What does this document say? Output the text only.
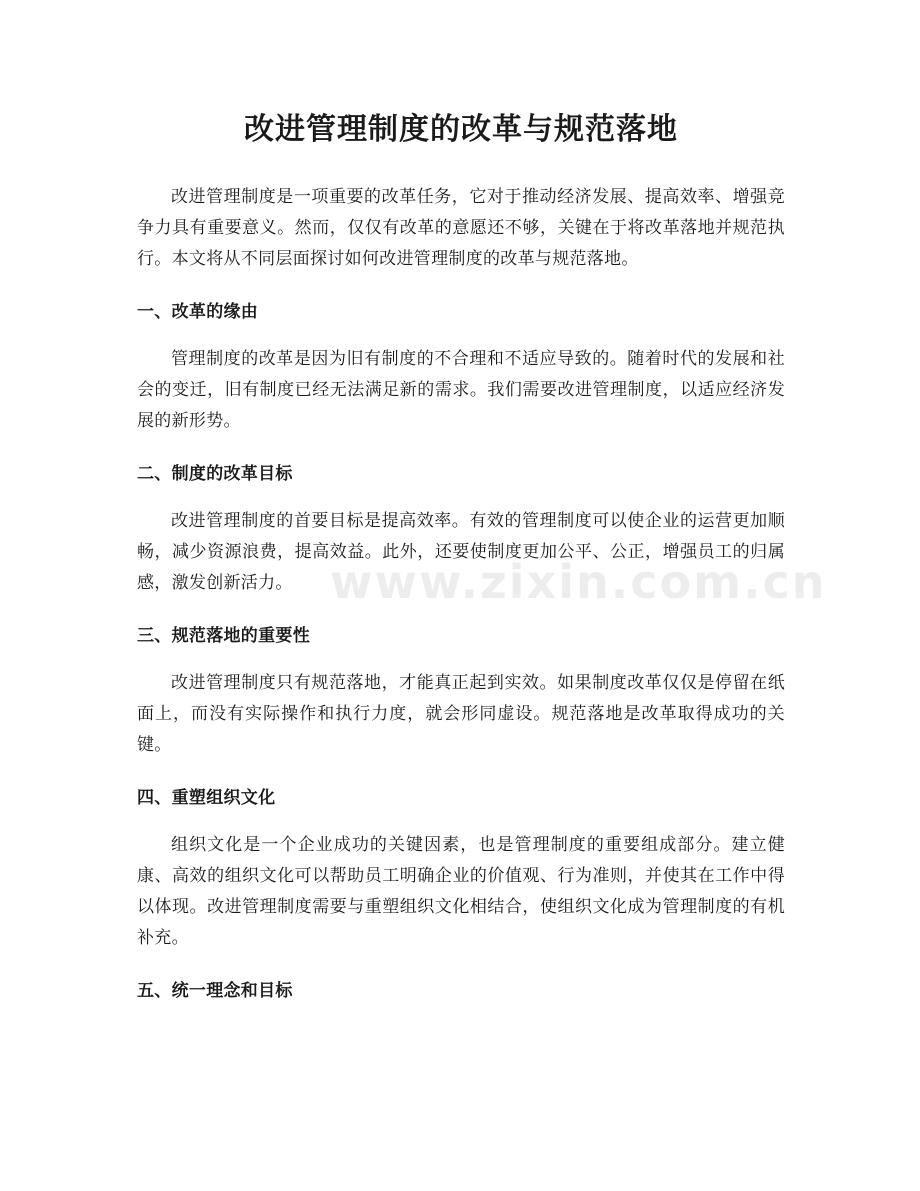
改进管理制度的改革与规范落地

改进管理制度是一项重要的改革任务，它对于推动经济发展、提高效率、增强竞争力具有重要意义。然而，仅仅有改革的意愿还不够，关键在于将改革落地并规范执行。本文将从不同层面探讨如何改进管理制度的改革与规范落地。

一、改革的缘由

管理制度的改革是因为旧有制度的不合理和不适应导致的。随着时代的发展和社会的变迁，旧有制度已经无法满足新的需求。我们需要改进管理制度，以适应经济发展的新形势。

二、制度的改革目标

改进管理制度的首要目标是提高效率。有效的管理制度可以使企业的运营更加顺畅，减少资源浪费，提高效益。此外，还要使制度更加公平、公正，增强员工的归属感，激发创新活力。

三、规范落地的重要性

改进管理制度只有规范落地，才能真正起到实效。如果制度改革仅仅是停留在纸面上，而没有实际操作和执行力度，就会形同虚设。规范落地是改革取得成功的关键。

四、重塑组织文化

组织文化是一个企业成功的关键因素，也是管理制度的重要组成部分。建立健康、高效的组织文化可以帮助员工明确企业的价值观、行为准则，并使其在工作中得以体现。改进管理制度需要与重塑组织文化相结合，使组织文化成为管理制度的有机补充。

五、统一理念和目标
www.zixin.com.cn
